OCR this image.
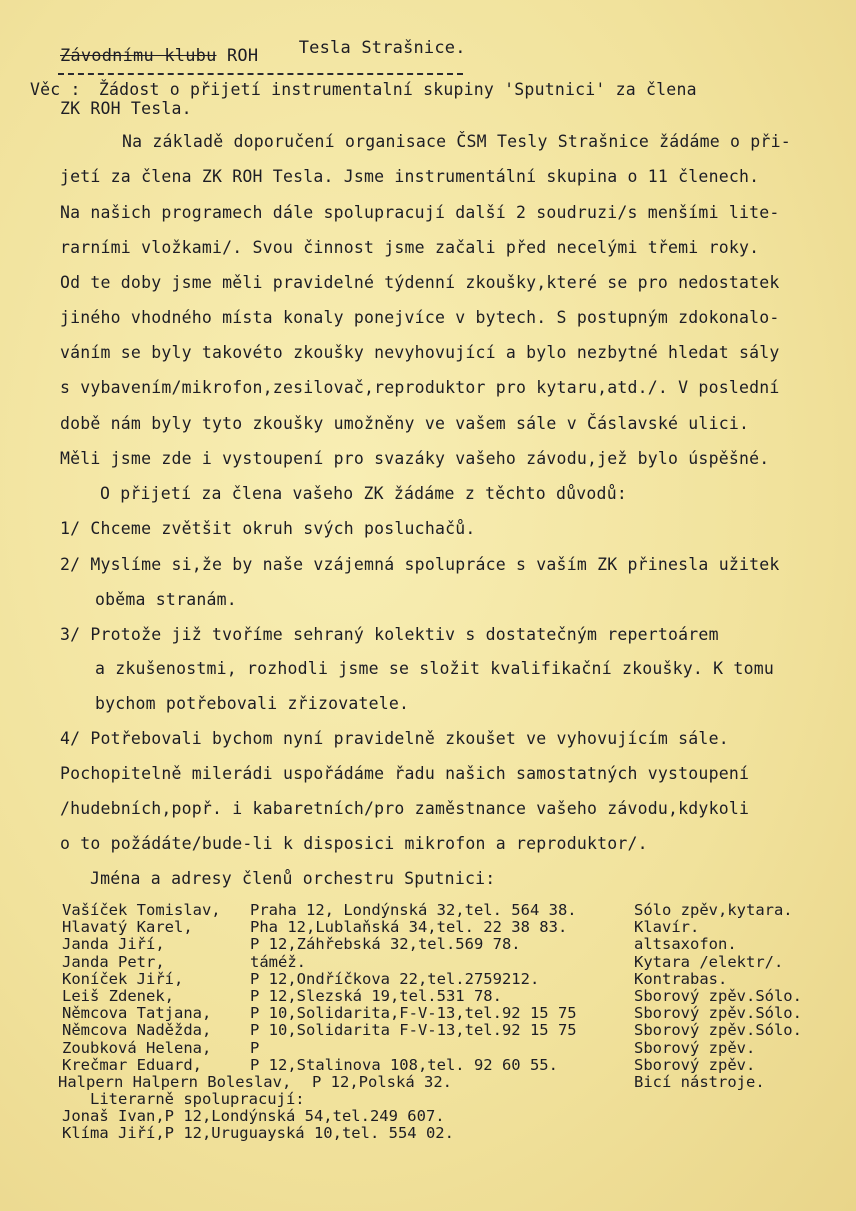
Závodnímu klubu ROH Tesla Strašnice.
Věc : Žádost o přijetí instrumentalní skupiny 'Sputnici' za člena
ZK ROH Tesla.
Na základě doporučení organisace ČSM Tesly Strašnice žádáme o při-
jetí za člena ZK ROH Tesla. Jsme instrumentální skupina o 11 členech.
Na našich programech dále spolupracují další 2 soudruzi/s menšími lite-
rarními vložkami/. Svou činnost jsme začali před necelými třemi roky.
Od te doby jsme měli pravidelné týdenní zkoušky,které se pro nedostatek
jiného vhodného místa konaly ponejvíce v bytech. S postupným zdokonalo-
váním se byly takovéto zkoušky nevyhovující a bylo nezbytné hledat sály
s vybavením/mikrofon,zesilovač,reproduktor pro kytaru,atd./. V poslední
době nám byly tyto zkoušky umožněny ve vašem sále v Čáslavské ulici.
Měli jsme zde i vystoupení pro svazáky vašeho závodu,jež bylo úspěšné.
O přijetí za člena vašeho ZK žádáme z těchto důvodů:
1/ Chceme zvětšit okruh svých posluchačů.
2/ Myslíme si,že by naše vzájemná spolupráce s vaším ZK přinesla užitek
oběma stranám.
3/ Protože již tvoříme sehraný kolektiv s dostatečným repertoárem
a zkušenostmi, rozhodli jsme se složit kvalifikační zkoušky. K tomu
bychom potřebovali zřizovatele.
4/ Potřebovali bychom nyní pravidelně zkoušet ve vyhovujícím sále.
Pochopitelně milerádi uspořádáme řadu našich samostatných vystoupení
/hudebních,popř. i kabaretních/pro zaměstnance vašeho závodu,kdykoli
o to požádáte/bude-li k disposici mikrofon a reproduktor/.
Jména a adresy členů orchestru Sputnici:
Vašíček Tomislav, Praha 12, Londýnská 32,tel. 564 38.	Sólo zpěv,kytara.
Hlavatý Karel,	Pha 12,Lublaňská 34,tel. 22 38 83.	Klavír.
Janda Jiří,	P 12,Záhřebská 32,tel.569 78.	altsaxofon.
Janda Petr,	táméž.	Kytara /elektr/.
Koníček Jiří,	P 12,Ondříčkova 22,tel.2759212.	Kontrabas.
Leiš Zdenek,	P 12,Slezská 19,tel.531 78.	Sborový zpěv.Sólo.
Němcova Tatjana, P 10,Solidarita,F-V-13,tel.92 15 75	Sborový zpěv.Sólo.
Němcova Naděžda, P 10,Solidarita F-V-13,tel.92 15 75	Sborový zpěv.Sólo.
Zoubková Helena, P	Sborový zpěv.
Krečmar Eduard,	P 12,Stalinova 108,tel. 92 60 55.	Sborový zpěv.
Halpern Halpern Boleslav, P 12,Polská 32.	Bicí nástroje.
Literarně spolupracují:
Jonaš Ivan,P 12,Londýnská 54,tel.249 607.
Klíma Jiří,P 12,Uruguayská 10,tel. 554 02.
